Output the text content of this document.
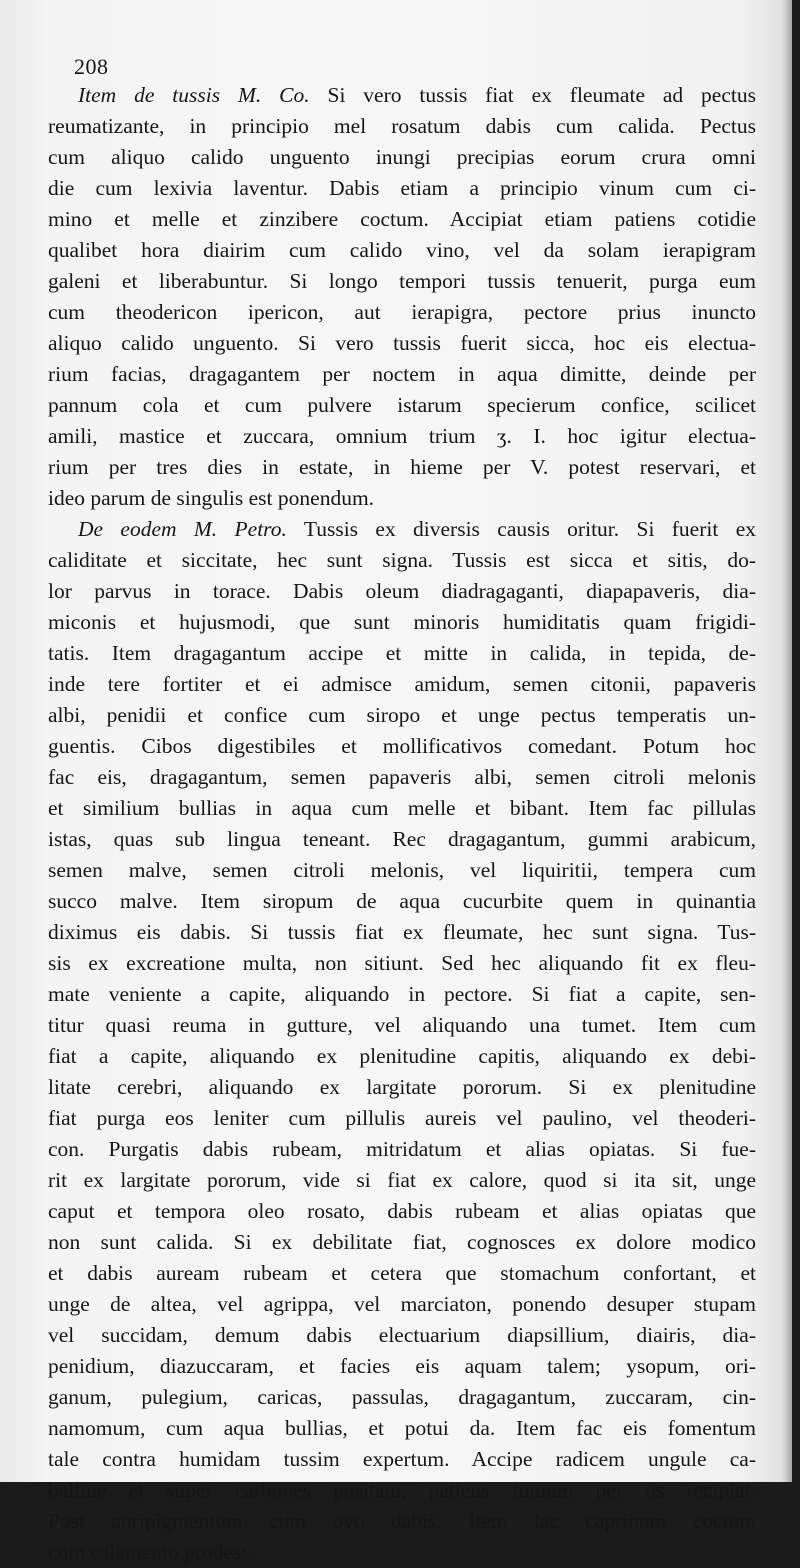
208
Item de tussis M. Co. Si vero tussis fiat ex fleumate ad pectus
reumatizante, in principio mel rosatum dabis cum calida. Pectus
cum aliquo calido unguento inungi precipias eorum crura omni
die cum lexivia laventur. Dabis etiam a principio vinum cum ci-
mino et melle et zinzibere coctum. Accipiat etiam patiens cotidie
qualibet hora diairim cum calido vino, vel da solam ierapigram
galeni et liberabuntur. Si longo tempori tussis tenuerit, purga eum
cum theodericon ipericon, aut ierapigra, pectore prius inuncto
aliquo calido unguento. Si vero tussis fuerit sicca, hoc eis electua-
rium facias, dragagantem per noctem in aqua dimitte, deinde per
pannum cola et cum pulvere istarum specierum confice, scilicet
amili, mastice et zuccara, omnium trium ʒ. I. hoc igitur electua-
rium per tres dies in estate, in hieme per V. potest reservari, et
ideo parum de singulis est ponendum.
De eodem M. Petro. Tussis ex diversis causis oritur. Si fuerit ex
caliditate et siccitate, hec sunt signa. Tussis est sicca et sitis, do-
lor parvus in torace. Dabis oleum diadragaganti, diapapaveris, dia-
miconis et hujusmodi, que sunt minoris humiditatis quam frigidi-
tatis. Item dragagantum accipe et mitte in calida, in tepida, de-
inde tere fortiter et ei admisce amidum, semen citonii, papaveris
albi, penidii et confice cum siropo et unge pectus temperatis un-
guentis. Cibos digestibiles et mollificativos comedant. Potum hoc
fac eis, dragagantum, semen papaveris albi, semen citroli melonis
et similium bullias in aqua cum melle et bibant. Item fac pillulas
istas, quas sub lingua teneant. Rec dragagantum, gummi arabicum,
semen malve, semen citroli melonis, vel liquiritii, tempera cum
succo malve. Item siropum de aqua cucurbite quem in quinantia
diximus eis dabis. Si tussis fiat ex fleumate, hec sunt signa. Tus-
sis ex excreatione multa, non sitiunt. Sed hec aliquando fit ex fleu-
mate veniente a capite, aliquando in pectore. Si fiat a capite, sen-
titur quasi reuma in gutture, vel aliquando una tumet. Item cum
fiat a capite, aliquando ex plenitudine capitis, aliquando ex debi-
litate cerebri, aliquando ex largitate pororum. Si ex plenitudine
fiat purga eos leniter cum pillulis aureis vel paulino, vel theoderi-
con. Purgatis dabis rubeam, mitridatum et alias opiatas. Si fue-
rit ex largitate pororum, vide si fiat ex calore, quod si ita sit, unge
caput et tempora oleo rosato, dabis rubeam et alias opiatas que
non sunt calida. Si ex debilitate fiat, cognosces ex dolore modico
et dabis auream rubeam et cetera que stomachum confortant, et
unge de altea, vel agrippa, vel marciaton, ponendo desuper stupam
vel succidam, demum dabis electuarium diapsillium, diairis, dia-
penidium, diazuccaram, et facies eis aquam talem; ysopum, ori-
ganum, pulegium, caricas, passulas, dragagantum, zuccaram, cin-
namomum, cum aqua bullias, et potui da. Item fac eis fomentum
tale contra humidam tussim expertum. Accipe radicem ungule ca-
balline et super carbones positam, patiens fumum per os recipiat.
Post auripigmentum cum ovo dabis. Item lac caprinum coctum
cum calamento prodest.
